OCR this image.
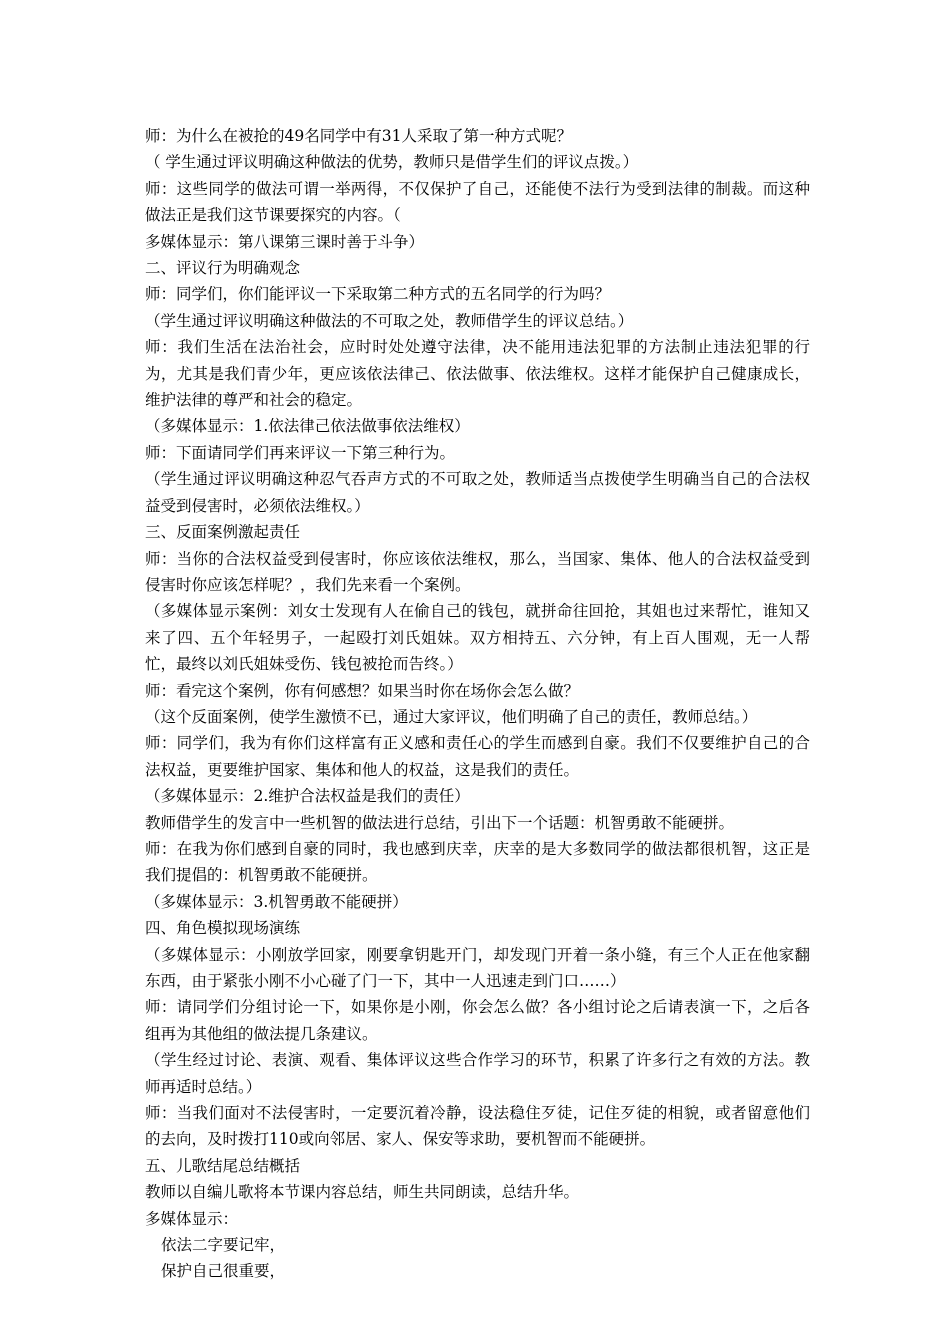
师：为什么在被抢的49名同学中有31人采取了第一种方式呢？

（ 学生通过评议明确这种做法的优势，教师只是借学生们的评议点拨。）

师：这些同学的做法可谓一举两得，不仅保护了自己，还能使不法行为受到法律的制裁。而这种做法正是我们这节课要探究的内容。（

多媒体显示：第八课第三课时善于斗争）

二、评议行为明确观念

师：同学们，你们能评议一下采取第二种方式的五名同学的行为吗？

（学生通过评议明确这种做法的不可取之处，教师借学生的评议总结。）

师：我们生活在法治社会，应时时处处遵守法律，决不能用违法犯罪的方法制止违法犯罪的行为，尤其是我们青少年，更应该依法律己、依法做事、依法维权。这样才能保护自己健康成长，维护法律的尊严和社会的稳定。

（多媒体显示：1.依法律己依法做事依法维权）

师：下面请同学们再来评议一下第三种行为。

（学生通过评议明确这种忍气吞声方式的不可取之处，教师适当点拨使学生明确当自己的合法权益受到侵害时，必须依法维权。）

三、反面案例激起责任

师：当你的合法权益受到侵害时，你应该依法维权，那么，当国家、集体、他人的合法权益受到侵害时你应该怎样呢？，我们先来看一个案例。

（多媒体显示案例：刘女士发现有人在偷自己的钱包，就拼命往回抢，其姐也过来帮忙，谁知又来了四、五个年轻男子，一起殴打刘氏姐妹。双方相持五、六分钟，有上百人围观，无一人帮忙，最终以刘氏姐妹受伤、钱包被抢而告终。）

师：看完这个案例，你有何感想？如果当时你在场你会怎么做？

（这个反面案例，使学生激愤不已，通过大家评议，他们明确了自己的责任，教师总结。）

师：同学们，我为有你们这样富有正义感和责任心的学生而感到自豪。我们不仅要维护自己的合法权益，更要维护国家、集体和他人的权益，这是我们的责任。

（多媒体显示：2.维护合法权益是我们的责任）

教师借学生的发言中一些机智的做法进行总结，引出下一个话题：机智勇敢不能硬拼。

师：在我为你们感到自豪的同时，我也感到庆幸，庆幸的是大多数同学的做法都很机智，这正是我们提倡的：机智勇敢不能硬拼。

（多媒体显示：3.机智勇敢不能硬拼）

四、角色模拟现场演练

（多媒体显示：小刚放学回家，刚要拿钥匙开门，却发现门开着一条小缝，有三个人正在他家翻东西，由于紧张小刚不小心碰了门一下，其中一人迅速走到门口……）

师：请同学们分组讨论一下，如果你是小刚，你会怎么做？各小组讨论之后请表演一下，之后各组再为其他组的做法提几条建议。

（学生经过讨论、表演、观看、集体评议这些合作学习的环节，积累了许多行之有效的方法。教师再适时总结。）

师：当我们面对不法侵害时，一定要沉着冷静，设法稳住歹徒，记住歹徒的相貌，或者留意他们的去向，及时拨打110或向邻居、家人、保安等求助，要机智而不能硬拼。

五、儿歌结尾总结概括

教师以自编儿歌将本节课内容总结，师生共同朗读，总结升华。

多媒体显示：

依法二字要记牢，

保护自己很重要，
